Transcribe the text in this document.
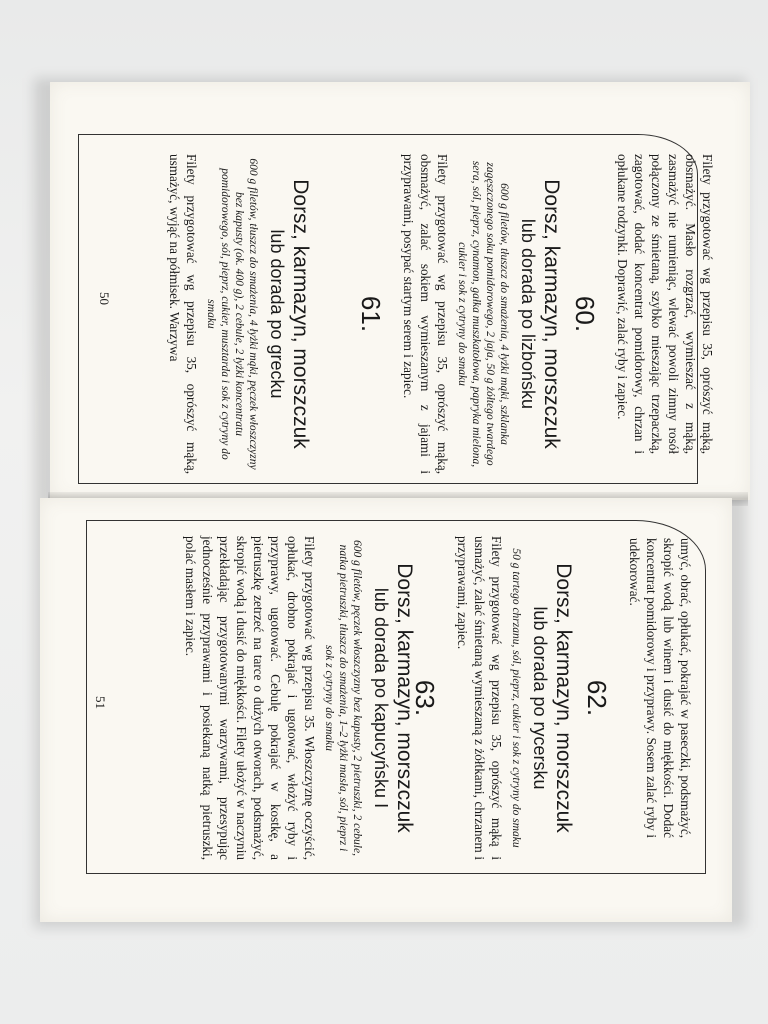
Filety przygotować wg przepisu 35, oprószyć mąką, obsmażyć. Masło rozgrzać, wymieszać z mąką, zasmażyć nie rumieniąc, wlewać powoli zimny rosół połączony ze śmietaną, szybko mieszając trzepaczką, zagotować, dodać koncentrat pomidorowy, chrzan i opłukane rodzynki. Doprawić, zalać ryby i zapiec.
60.
Dorsz, karmazyn, morszczuk
lub dorada po lizbońsku
600 g filetów, tłuszcz do smażenia, 4 łyżki mąki, szklanka zagęszczonego soku pomidorowego, 2 jaja, 50 g żółtego twardego sera, sól, pieprz, cynamon, gałka muszkatołowa, papryka mielona, cukier i sok z cytryny do smaku
Filety przygotować wg przepisu 35, oprószyć mąką, obsmażyć, zalać sokiem wymieszanym z jajami i przyprawami, posypać startym serem i zapiec.
61.
Dorsz, karmazyn, morszczuk
lub dorada po grecku
600 g filetów, tłuszcz do smażenia, 4 łyżki mąki, pęczek włoszczyzny bez kapusty (ok. 400 g), 2 cebule, 2 łyżki koncentratu pomidorowego, sól, pieprz, cukier, musztarda i sok z cytryny do smaku
Filety przygotować wg przepisu 35, oprószyć mąką, usmażyć, wyjąć na półmisek. Warzywa
50
umyć, obrać, opłukać, pokrajać w paseczki, podsmażyć, skropić wodą lub winem i dusić do miękkości. Dodać koncentrat pomidorowy i przyprawy. Sosem zalać ryby i udekorować.
62.
Dorsz, karmazyn, morszczuk
lub dorada po rycersku
50 g tartego chrzanu, sól, pieprz, cukier i sok z cytryny do smaku
Filety przygotować wg przepisu 35, oprószyć mąką i usmażyć, zalać śmietaną wymieszaną z żółtkami, chrzanem i przyprawami, zapiec.
63.
Dorsz, karmazyn, morszczuk
lub dorada po kapucyńsku I
600 g filetów, pęczek włoszczyzny bez kapusty, 2 pietruszki, 2 cebule, natka pietruszki, tłuszcz do smażenia, 1–2 łyżki masła, sól, pieprz i sok z cytryny do smaku
Filety przygotować wg przepisu 35. Włoszczyznę oczyścić, opłukać, drobno pokrajać i ugotować, włożyć ryby i przyprawy, ugotować. Cebulę pokrajać w kostkę, a pietruszkę zetrzeć na tarce o dużych otworach, podsmażyć, skropić wodą i dusić do miękkości. Filety ułożyć w naczyniu przekładając przygotowanymi warzywami, przesypując jednocześnie przyprawami i posiekaną natką pietruszki, polać masłem i zapiec.
51
